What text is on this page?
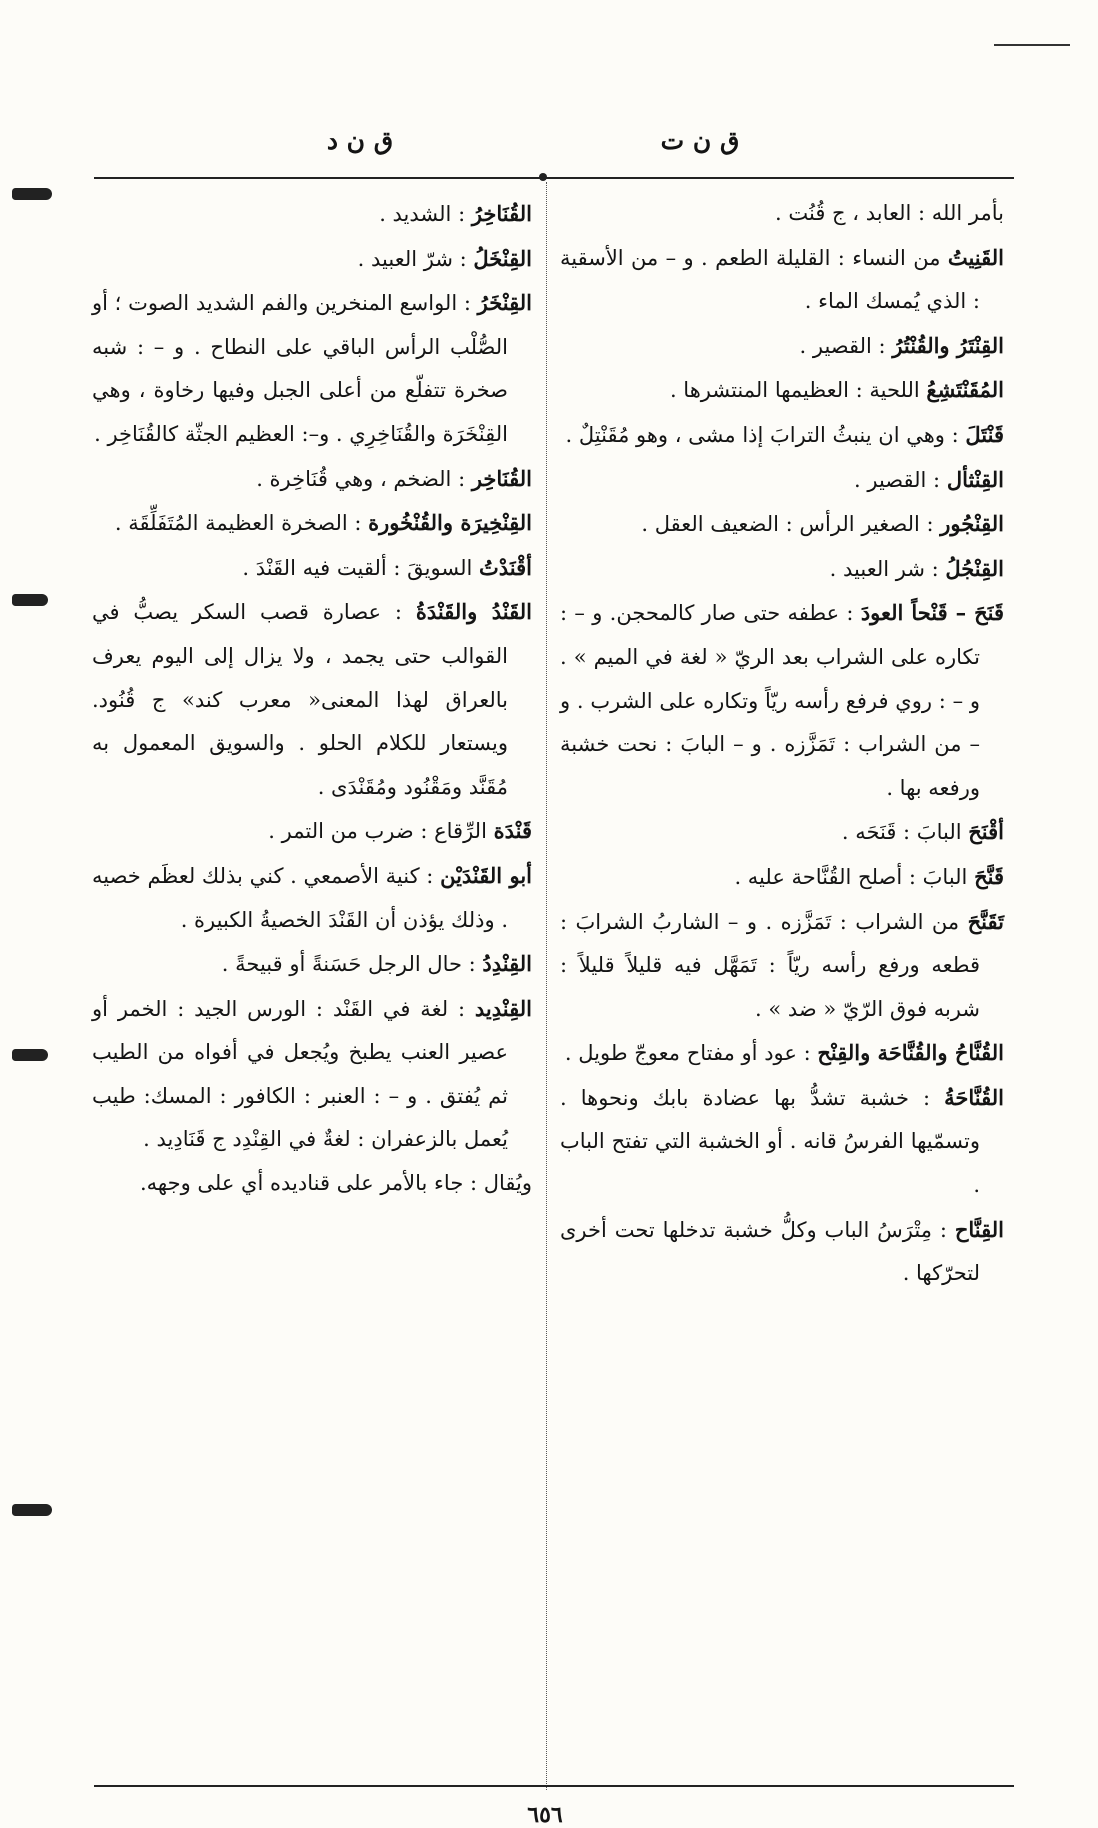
ق ن ت
ق ن د

بأمر الله : العابد ، ج قُنُت .

القَنِيتُ من النساء : القليلة الطعم . و – من الأسقية : الذي يُمسك الماء .

القِنْتَرُ والقُنْتُرُ : القصير .

المُقَنْتَشِعُ اللحية : العظيمها المنتشرها .

قَنْتَلَ : وهي ان ينبثُ الترابَ إذا مشى ، وهو مُقَنْتِلٌ .

القِنْثأل : القصير .

القِنْجُور : الصغير الرأس : الضعيف العقل .

القِنْجُلُ : شر العبيد .

قَنَحَ – قَنْحاً العودَ : عطفه حتى صار كالمحجن. و – : تكاره على الشراب بعد الريّ « لغة في الميم » . و – : روي فرفع رأسه ريّاً وتكاره على الشرب . و – من الشراب : تَمَزَّزه . و – البابَ : نحت خشبة ورفعه بها .

أقْنَحَ البابَ : قَنَحَه .

قَنَّحَ البابَ : أصلح القُنَّاحة عليه .

تَقَنَّحَ من الشراب : تَمَزَّزه . و – الشاربُ الشرابَ : قطعه ورفع رأسه ريّاً : تَمَهَّل فيه قليلاً قليلاً : شربه فوق الرّيّ « ضد » .

القُنَّاحُ والقُنَّاحَة والقِنْح : عود أو مفتاح معوجّ طويل .

القُنَّاحَةُ : خشبة تشدُّ بها عضادة بابك ونحوها . وتسمّيها الفرسُ قانه . أو الخشبة التي تفتح الباب .

القِنَّاح : مِتْرَسُ الباب وكلُّ خشبة تدخلها تحت أخرى لتحرّكها .

القُنَاخِرُ : الشديد .

القِنْخَلُ : شرّ العبيد .

القِنْخَرُ : الواسع المنخرين والفم الشديد الصوت ؛ أو الصُّلْب الرأس الباقي على النطاح . و – : شبه صخرة تتفلّع من أعلى الجبل وفيها رخاوة ، وهي القِنْخَرَة والقُنَاخِرِي . و–: العظيم الجثّة كالقُنَاخِر .

القُنَاخِر : الضخم ، وهي قُنَاخِرة .

القِنْخِيرَة والقُنْخُورة : الصخرة العظيمة المُتَفَلِّقَة .

أقْنَدْتُ السويقَ : ألقيت فيه القَنْدَ .

القَنْدُ والقَنْدَةُ : عصارة قصب السكر يصبُّ في القوالب حتى يجمد ، ولا يزال إلى اليوم يعرف بالعراق لهذا المعنى« معرب كند» ج قُنُود. ويستعار للكلام الحلو . والسويق المعمول به مُقَنَّد ومَقْنُود ومُقَنْدَى .

قَنْدَة الرِّقاع : ضرب من التمر .

أبو القَنْدَيْن : كنية الأصمعي . كني بذلك لعظَم خصيه . وذلك يؤذن أن القَنْدَ الخصيةُ الكبيرة .

القِنْدِدُ : حال الرجل حَسَنةً أو قبيحةً .

القِنْدِيد : لغة في القَنْد : الورس الجيد : الخمر أو عصير العنب يطبخ ويُجعل في أفواه من الطيب ثم يُفتق . و – : العنبر : الكافور : المسك: طيب يُعمل بالزعفران : لغةٌ في القِنْدِد ج قَنَادِيد .

ويُقال : جاء بالأمر على قناديده أي على وجهه.

٦٥٦
